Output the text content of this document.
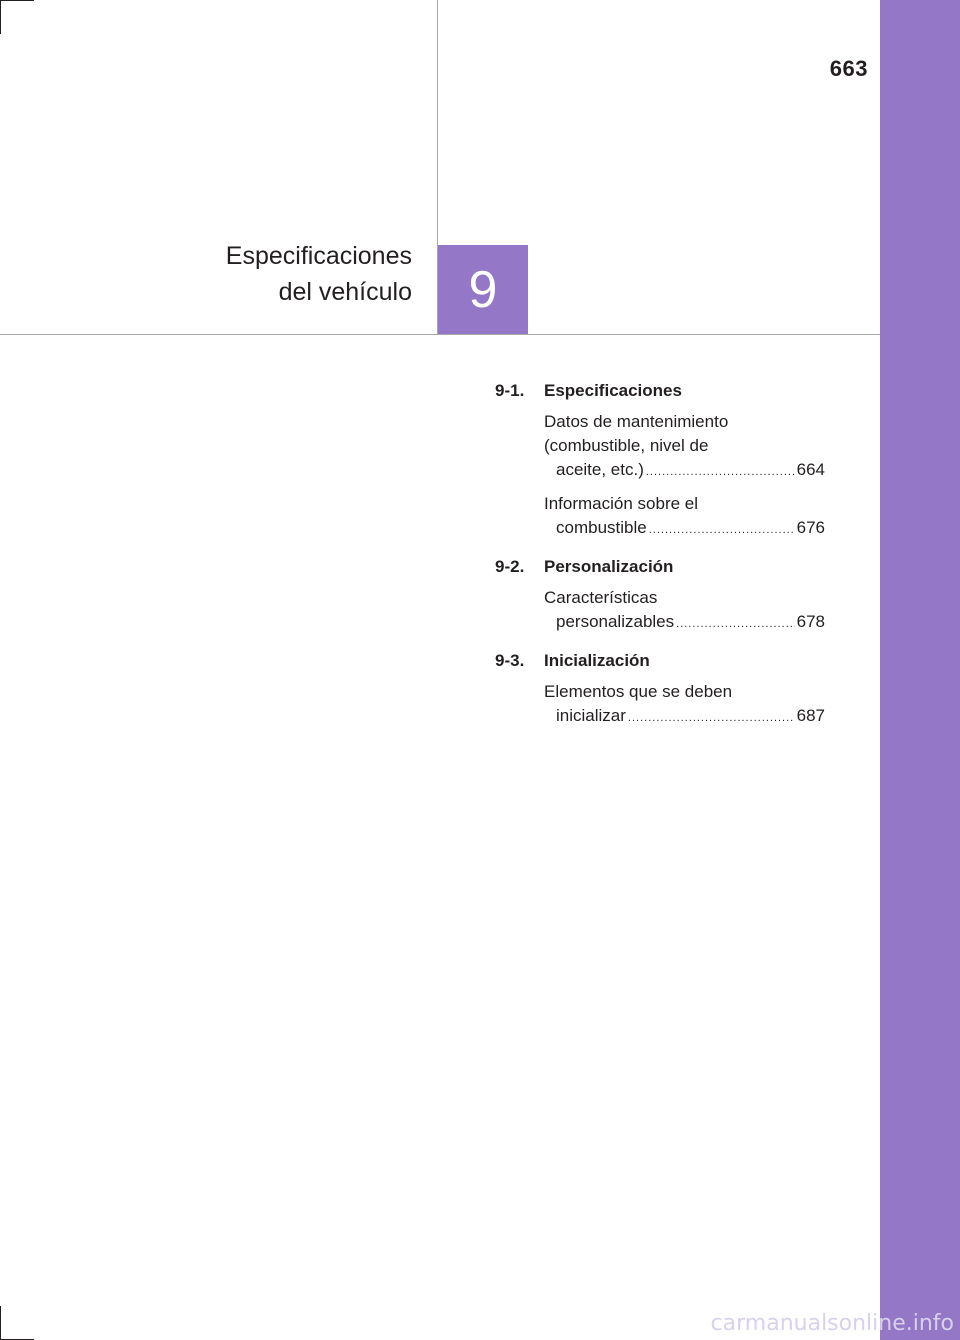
663
Especificaciones
del vehículo	9
9-1.	Especificaciones
Datos de mantenimiento
(combustible, nivel de
aceite, etc.) .....	664
Información sobre el
combustible .....	676
9-2.	Personalización
Características
personalizables .....	678
9-3.	Inicialización
Elementos que se deben
inicializar .....	687
carmanualsonline.info
